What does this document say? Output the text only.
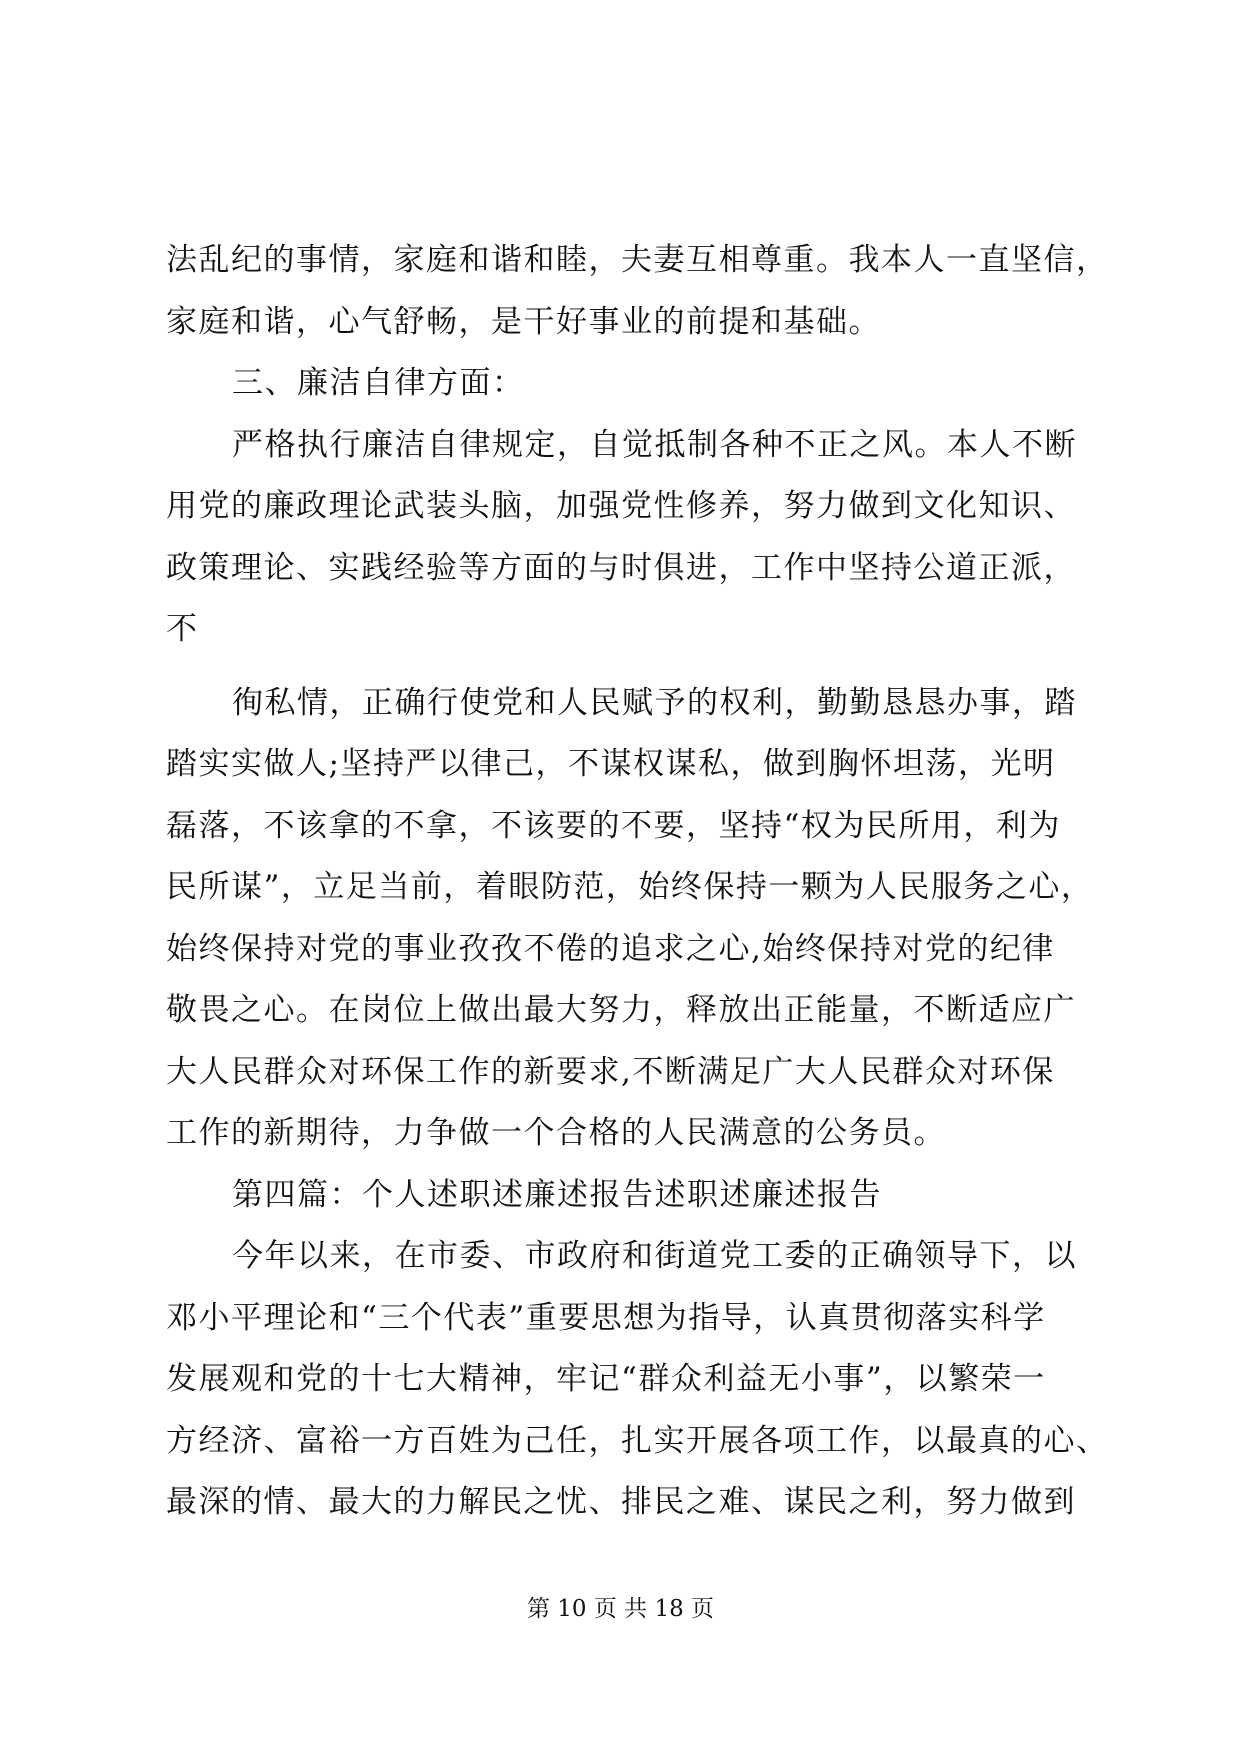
法乱纪的事情，家庭和谐和睦，夫妻互相尊重。我本人一直坚信，
家庭和谐，心气舒畅，是干好事业的前提和基础。
三、廉洁自律方面：
严格执行廉洁自律规定，自觉抵制各种不正之风。本人不断
用党的廉政理论武装头脑，加强党性修养，努力做到文化知识、
政策理论、实践经验等方面的与时俱进，工作中坚持公道正派，
不
徇私情，正确行使党和人民赋予的权利，勤勤恳恳办事，踏
踏实实做人;坚持严以律己，不谋权谋私，做到胸怀坦荡，光明
磊落，不该拿的不拿，不该要的不要，坚持“权为民所用，利为
民所谋”，立足当前，着眼防范，始终保持一颗为人民服务之心，
始终保持对党的事业孜孜不倦的追求之心,始终保持对党的纪律
敬畏之心。在岗位上做出最大努力，释放出正能量，不断适应广
大人民群众对环保工作的新要求,不断满足广大人民群众对环保
工作的新期待，力争做一个合格的人民满意的公务员。
第四篇：个人述职述廉述报告述职述廉述报告
今年以来，在市委、市政府和街道党工委的正确领导下，以
邓小平理论和“三个代表”重要思想为指导，认真贯彻落实科学
发展观和党的十七大精神，牢记“群众利益无小事”，以繁荣一
方经济、富裕一方百姓为己任，扎实开展各项工作，以最真的心、
最深的情、最大的力解民之忧、排民之难、谋民之利，努力做到
第 10 页 共 18 页
